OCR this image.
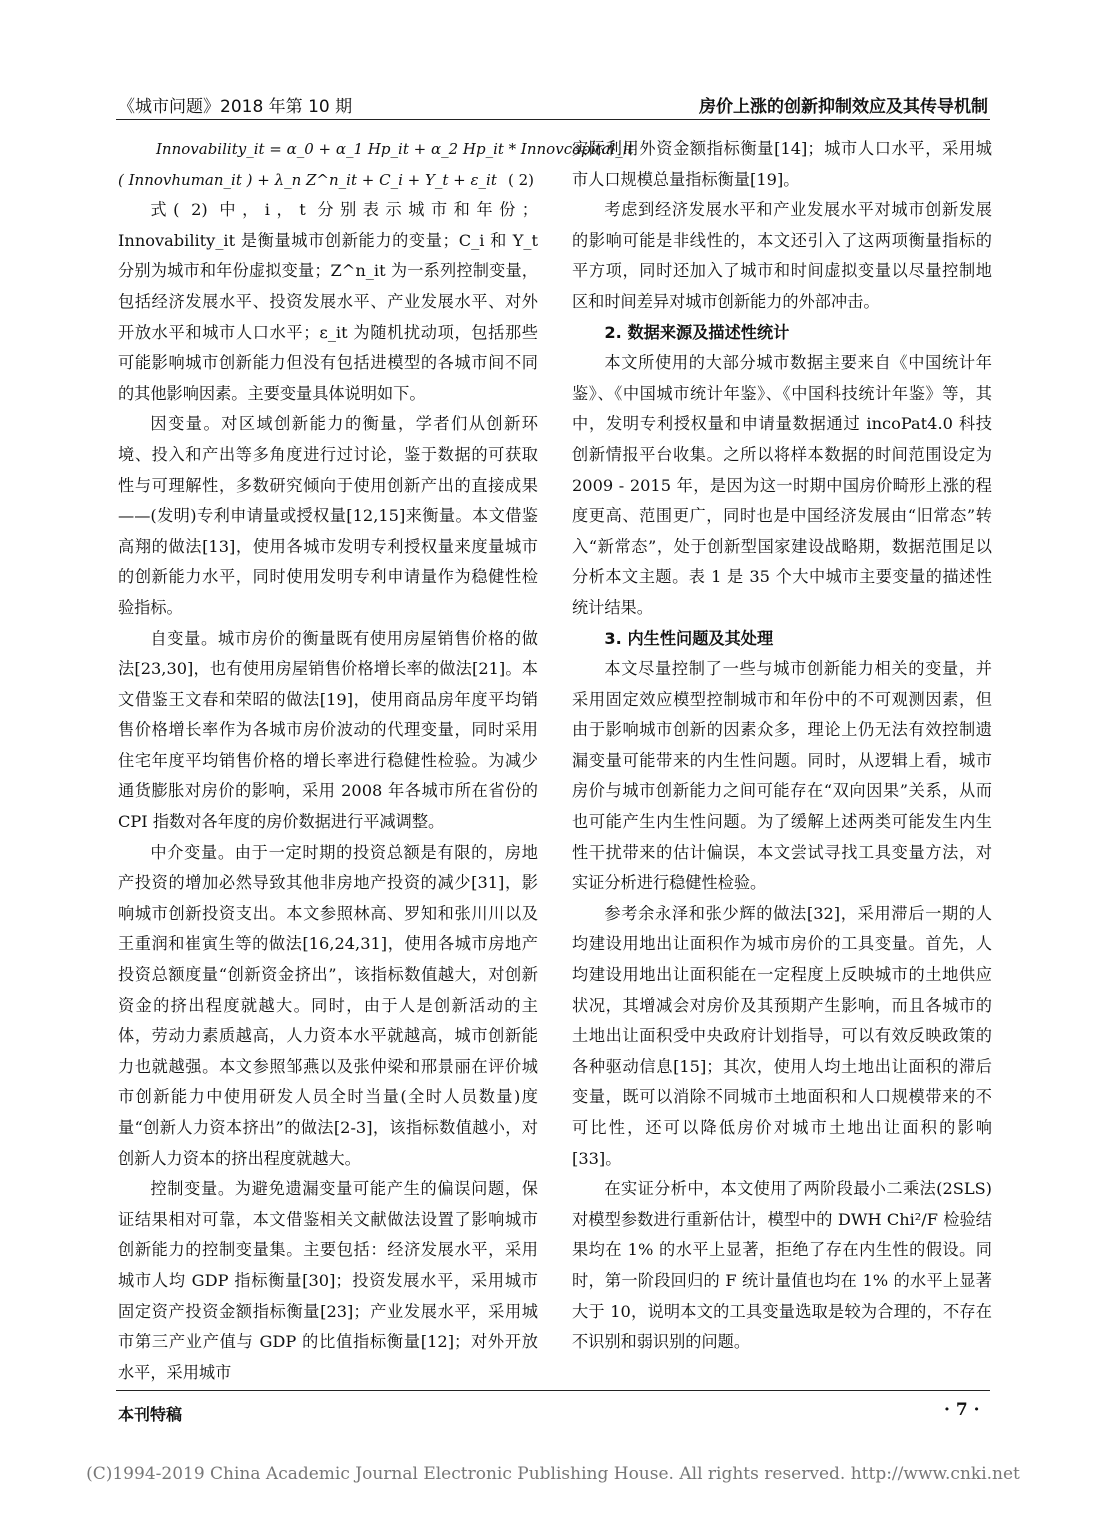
《城市问题》2018 年第 10 期	房价上涨的创新抑制效应及其传导机制
Innovability_it = α_0 + α_1 Hp_it + α_2 Hp_it * Innovcapital_it
( Innovhuman_it ) + λ_n Z^n_it + C_i + Y_t + ε_it ( 2)

式( 2) 中，i，t 分别表示城市和年份；Innovability_it 是衡量城市创新能力的变量；C_i 和 Y_t 分别为城市和年份虚拟变量；Z^n_it 为一系列控制变量，包括经济发展水平、投资发展水平、产业发展水平、对外开放水平和城市人口水平；ε_it 为随机扰动项，包括那些可能影响城市创新能力但没有包括进模型的各城市间不同的其他影响因素。主要变量具体说明如下。

因变量。对区域创新能力的衡量，学者们从创新环境、投入和产出等多角度进行过讨论，鉴于数据的可获取性与可理解性，多数研究倾向于使用创新产出的直接成果——(发明)专利申请量或授权量[12,15]来衡量。本文借鉴高翔的做法[13]，使用各城市发明专利授权量来度量城市的创新能力水平，同时使用发明专利申请量作为稳健性检验指标。

自变量。城市房价的衡量既有使用房屋销售价格的做法[23,30]，也有使用房屋销售价格增长率的做法[21]。本文借鉴王文春和荣昭的做法[19]，使用商品房年度平均销售价格增长率作为各城市房价波动的代理变量，同时采用住宅年度平均销售价格的增长率进行稳健性检验。为减少通货膨胀对房价的影响，采用 2008 年各城市所在省份的 CPI 指数对各年度的房价数据进行平减调整。

中介变量。由于一定时期的投资总额是有限的，房地产投资的增加必然导致其他非房地产投资的减少[31]，影响城市创新投资支出。本文参照林高、罗知和张川川以及王重润和崔寅生等的做法[16,24,31]，使用各城市房地产投资总额度量“创新资金挤出”，该指标数值越大，对创新资金的挤出程度就越大。同时，由于人是创新活动的主体，劳动力素质越高，人力资本水平就越高，城市创新能力也就越强。本文参照邹燕以及张仲梁和邢景丽在评价城市创新能力中使用研发人员全时当量(全时人员数量)度量“创新人力资本挤出”的做法[2-3]，该指标数值越小，对创新人力资本的挤出程度就越大。

控制变量。为避免遗漏变量可能产生的偏误问题，保证结果相对可靠，本文借鉴相关文献做法设置了影响城市创新能力的控制变量集。主要包括：经济发展水平，采用城市人均 GDP 指标衡量[30]；投资发展水平，采用城市固定资产投资金额指标衡量[23]；产业发展水平，采用城市第三产业产值与 GDP 的比值指标衡量[12]；对外开放水平，采用城市

实际利用外资金额指标衡量[14]；城市人口水平，采用城市人口规模总量指标衡量[19]。

考虑到经济发展水平和产业发展水平对城市创新发展的影响可能是非线性的，本文还引入了这两项衡量指标的平方项，同时还加入了城市和时间虚拟变量以尽量控制地区和时间差异对城市创新能力的外部冲击。

2. 数据来源及描述性统计

本文所使用的大部分城市数据主要来自《中国统计年鉴》、《中国城市统计年鉴》、《中国科技统计年鉴》等，其中，发明专利授权量和申请量数据通过 incoPat4.0 科技创新情报平台收集。之所以将样本数据的时间范围设定为 2009 - 2015 年，是因为这一时期中国房价畸形上涨的程度更高、范围更广，同时也是中国经济发展由“旧常态”转入“新常态”，处于创新型国家建设战略期，数据范围足以分析本文主题。表 1 是 35 个大中城市主要变量的描述性统计结果。

3. 内生性问题及其处理

本文尽量控制了一些与城市创新能力相关的变量，并采用固定效应模型控制城市和年份中的不可观测因素，但由于影响城市创新的因素众多，理论上仍无法有效控制遗漏变量可能带来的内生性问题。同时，从逻辑上看，城市房价与城市创新能力之间可能存在“双向因果”关系，从而也可能产生内生性问题。为了缓解上述两类可能发生内生性干扰带来的估计偏误，本文尝试寻找工具变量方法，对实证分析进行稳健性检验。

参考余永泽和张少辉的做法[32]，采用滞后一期的人均建设用地出让面积作为城市房价的工具变量。首先，人均建设用地出让面积能在一定程度上反映城市的土地供应状况，其增减会对房价及其预期产生影响，而且各城市的土地出让面积受中央政府计划指导，可以有效反映政策的各种驱动信息[15]；其次，使用人均土地出让面积的滞后变量，既可以消除不同城市土地面积和人口规模带来的不可比性，还可以降低房价对城市土地出让面积的影响[33]。

在实证分析中，本文使用了两阶段最小二乘法(2SLS)对模型参数进行重新估计，模型中的 DWH Chi²/F 检验结果均在 1% 的水平上显著，拒绝了存在内生性的假设。同时，第一阶段回归的 F 统计量值也均在 1% 的水平上显著大于 10，说明本文的工具变量选取是较为合理的，不存在不识别和弱识别的问题。

本刊特稿	· 7 ·
(C)1994-2019 China Academic Journal Electronic Publishing House. All rights reserved. http://www.cnki.net
